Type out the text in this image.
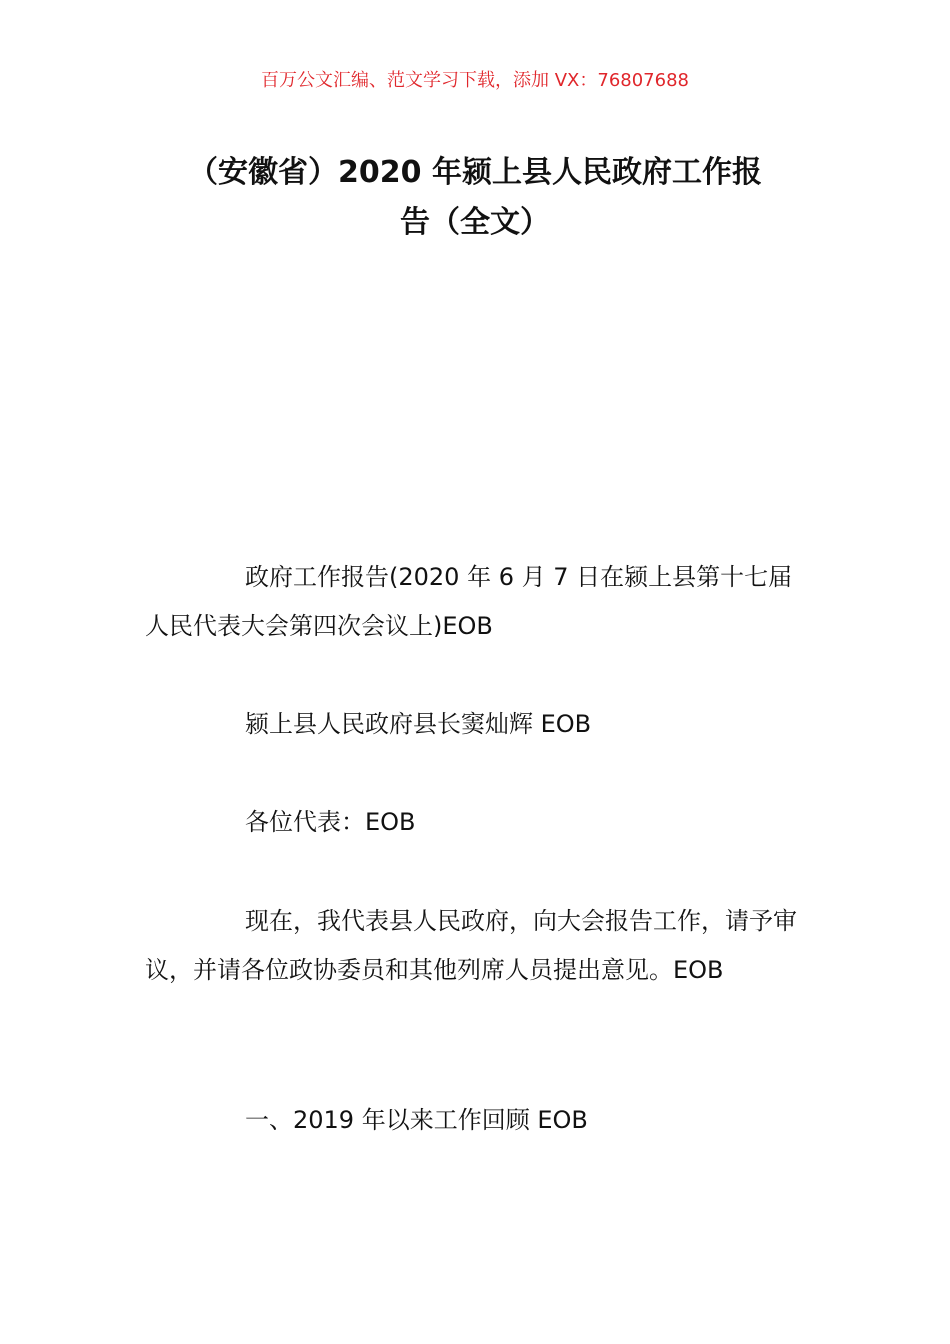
百万公文汇编、范文学习下载，添加 VX：76807688
（安徽省）2020 年颍上县人民政府工作报
告（全文）

政府工作报告(2020 年 6 月 7 日在颍上县第十七届人民代表大会第四次会议上)EOB

颍上县人民政府县长窦灿辉 EOB

各位代表：EOB

现在，我代表县人民政府，向大会报告工作，请予审议，并请各位政协委员和其他列席人员提出意见。EOB

一、2019 年以来工作回顾 EOB
